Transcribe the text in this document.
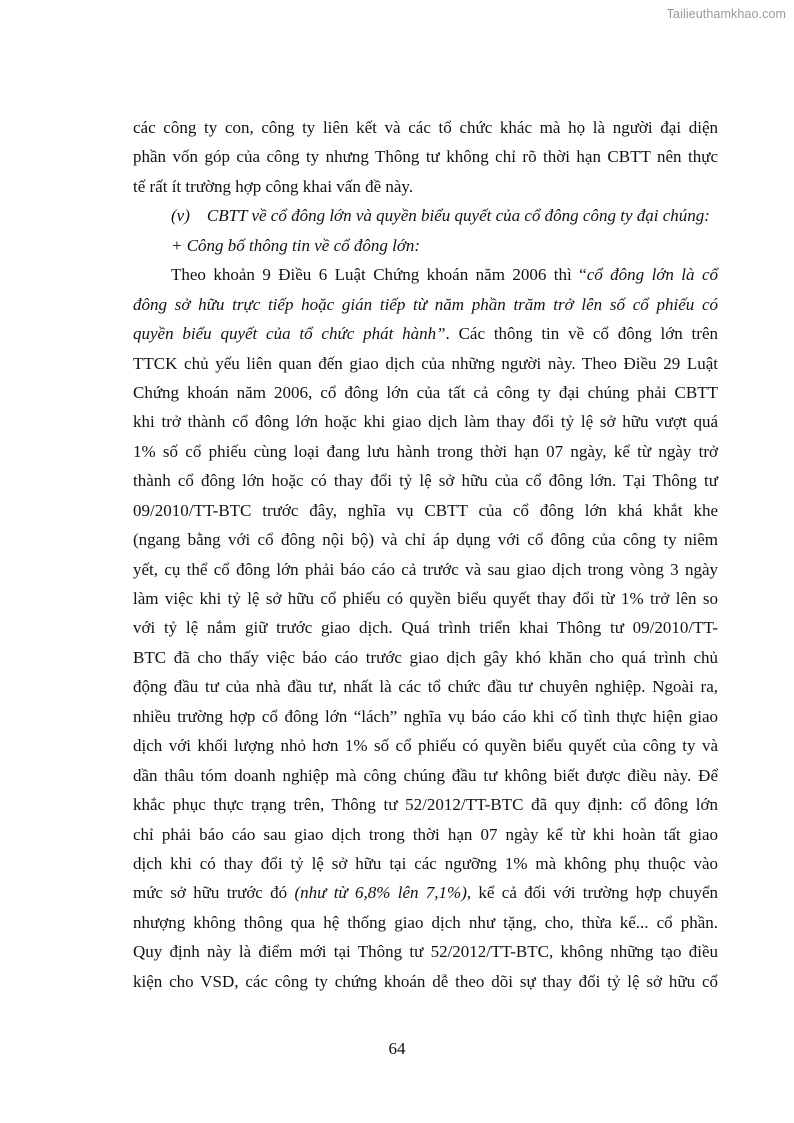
Tailieuthamkhao.com
các công ty con, công ty liên kết và các tổ chức khác mà họ là người đại diện
phần vốn góp của công ty nhưng Thông tư không chỉ rõ thời hạn CBTT nên thực
tế rất ít trường hợp công khai vấn đề này.
(v)    CBTT về cổ đông lớn và quyền biểu quyết của cổ đông công ty đại chúng:
+ Công bố thông tin về cổ đông lớn:
Theo khoản 9 Điều 6 Luật Chứng khoán năm 2006 thì “cổ đông lớn là cổ
đông sở hữu trực tiếp hoặc gián tiếp từ năm phần trăm trở lên số cổ phiếu có
quyền biểu quyết của tổ chức phát hành”. Các thông tin về cổ đông lớn trên
TTCK chủ yếu liên quan đến giao dịch của những người này. Theo Điều 29 Luật
Chứng khoán năm 2006, cổ đông lớn của tất cả công ty đại chúng phải CBTT
khi trở thành cổ đông lớn hoặc khi giao dịch làm thay đổi tỷ lệ sở hữu vượt quá
1% số cổ phiếu cùng loại đang lưu hành trong thời hạn 07 ngày, kể từ ngày trở
thành cổ đông lớn hoặc có thay đổi tỷ lệ sở hữu của cổ đông lớn. Tại Thông tư
09/2010/TT-BTC trước đây, nghĩa vụ CBTT của cổ đông lớn khá khắt khe
(ngang bằng với cổ đông nội bộ) và chỉ áp dụng với cổ đông của công ty niêm
yết, cụ thể cổ đông lớn phải báo cáo cả trước và sau giao dịch trong vòng 3 ngày
làm việc khi tỷ lệ sở hữu cổ phiếu có quyền biểu quyết thay đổi từ 1% trở lên so
với tỷ lệ nắm giữ trước giao dịch. Quá trình triển khai Thông tư 09/2010/TT-
BTC đã cho thấy việc báo cáo trước giao dịch gây khó khăn cho quá trình chủ
động đầu tư của nhà đầu tư, nhất là các tổ chức đầu tư chuyên nghiệp. Ngoài ra,
nhiều trường hợp cổ đông lớn “lách” nghĩa vụ báo cáo khi cố tình thực hiện giao
dịch với khối lượng nhỏ hơn 1% số cổ phiếu có quyền biểu quyết của công ty và
dần thâu tóm doanh nghiệp mà công chúng đầu tư không biết được điều này. Để
khắc phục thực trạng trên, Thông tư 52/2012/TT-BTC đã quy định: cổ đông lớn
chỉ phải báo cáo sau giao dịch trong thời hạn 07 ngày kể từ khi hoàn tất giao
dịch khi có thay đổi tỷ lệ sở hữu tại các ngưỡng 1% mà không phụ thuộc vào
mức sở hữu trước đó (như từ 6,8% lên 7,1%), kể cả đối với trường hợp chuyển
nhượng không thông qua hệ thống giao dịch như tặng, cho, thừa kế... cổ phần.
Quy định này là điểm mới tại Thông tư 52/2012/TT-BTC, không những tạo điều
kiện cho VSD, các công ty chứng khoán dễ theo dõi sự thay đổi tỷ lệ sở hữu cổ
64
